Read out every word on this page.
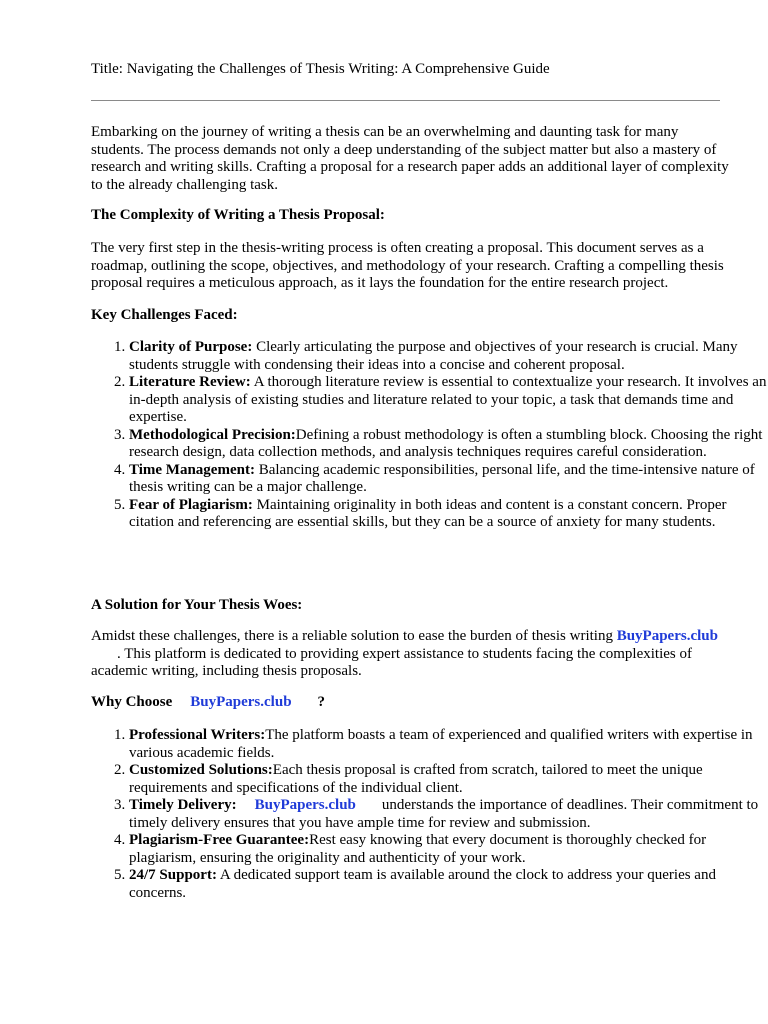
Title: Navigating the Challenges of Thesis Writing: A Comprehensive Guide

Embarking on the journey of writing a thesis can be an overwhelming and daunting task for many students. The process demands not only a deep understanding of the subject matter but also a mastery of research and writing skills. Crafting a proposal for a research paper adds an additional layer of complexity to the already challenging task.

The Complexity of Writing a Thesis Proposal:

The very first step in the thesis-writing process is often creating a proposal. This document serves as a roadmap, outlining the scope, objectives, and methodology of your research. Crafting a compelling thesis proposal requires a meticulous approach, as it lays the foundation for the entire research project.

Key Challenges Faced:

1. Clarity of Purpose: Clearly articulating the purpose and objectives of your research is crucial. Many students struggle with condensing their ideas into a concise and coherent proposal.
2. Literature Review: A thorough literature review is essential to contextualize your research. It involves an in-depth analysis of existing studies and literature related to your topic, a task that demands time and expertise.
3. Methodological Precision:Defining a robust methodology is often a stumbling block. Choosing the right research design, data collection methods, and analysis techniques requires careful consideration.
4. Time Management: Balancing academic responsibilities, personal life, and the time-intensive nature of thesis writing can be a major challenge.
5. Fear of Plagiarism: Maintaining originality in both ideas and content is a constant concern. Proper citation and referencing are essential skills, but they can be a source of anxiety for many students.

A Solution for Your Thesis Woes:

Amidst these challenges, there is a reliable solution to ease the burden of thesis writing BuyPapers.club. This platform is dedicated to providing expert assistance to students facing the complexities of academic writing, including thesis proposals.

Why Choose BuyPapers.club ?

1. Professional Writers:The platform boasts a team of experienced and qualified writers with expertise in various academic fields.
2. Customized Solutions:Each thesis proposal is crafted from scratch, tailored to meet the unique requirements and specifications of the individual client.
3. Timely Delivery: BuyPapers.club understands the importance of deadlines. Their commitment to timely delivery ensures that you have ample time for review and submission.
4. Plagiarism-Free Guarantee:Rest easy knowing that every document is thoroughly checked for plagiarism, ensuring the originality and authenticity of your work.
5. 24/7 Support: A dedicated support team is available around the clock to address your queries and concerns.
